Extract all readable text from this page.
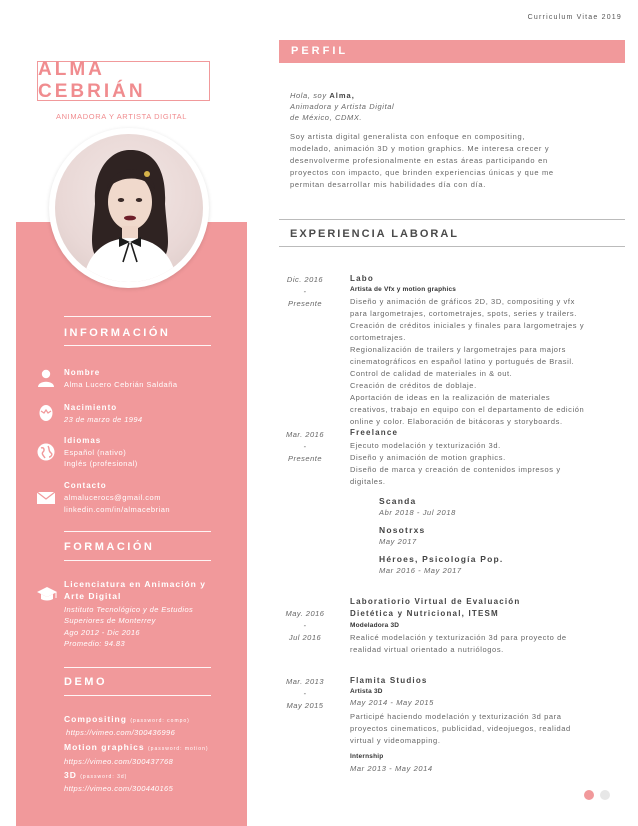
Curriculum Vitae 2019
PERFIL
ALMA CEBRIÁN
ANIMADORA Y ARTISTA DIGITAL
INFORMACIÓN
Nombre
Alma Lucero Cebrián Saldaña
Nacimiento
23 de marzo de 1994
Idiomas
Español (nativo)
Inglés (profesional)
Contacto
almalucerocs@gmail.com
linkedin.com/in/almacebrian
FORMACIÓN
Licenciatura en Animación y
Arte Digital
Instituto Tecnológico y de Estudios
Superiores de Monterrey
Ago 2012 - Dic 2016
Promedio: 94.83
DEMO
Compositing (password: compo)
https://vimeo.com/300436996
Motion graphics (password: motion)
https://vimeo.com/300437768
3D (password: 3d)
https://vimeo.com/300440165
Hola, soy Alma,
Animadora y Artista Digital
de México, CDMX.
Soy artista digital generalista con enfoque en compositing,
modelado, animación 3D y motion graphics. Me interesa crecer y
desenvolverme profesionalmente en estas áreas participando en
proyectos con impacto, que brinden experiencias únicas y que me
permitan desarrollar mis habilidades día con día.
EXPERIENCIA LABORAL
Dic. 2016
-
Presente
Labo
Artista de Vfx y motion graphics
Diseño y animación de gráficos 2D, 3D, compositing y vfx
para largometrajes, cortometrajes, spots, series y trailers.
Creación de créditos iniciales y finales para largometrajes y
cortometrajes.
Regionalización de trailers y largometrajes para majors
cinematográficos en español latino y portugués de Brasil.
Control de calidad de materiales in & out.
Creación de créditos de doblaje.
Aportación de ideas en la realización de materiales
creativos, trabajo en equipo con el departamento de edición
online y color. Elaboración de bitácoras y storyboards.
Mar. 2016
-
Presente
Freelance
Ejecuto modelación y texturización 3d.
Diseño y animación de motion graphics.
Diseño de marca y creación de contenidos impresos y
digitales.
Scanda
Abr 2018 - Jul 2018
Nosotrxs
May 2017
Héroes, Psicología Pop.
Mar 2016 - May 2017
May. 2016
-
Jul 2016
Laboratiorio Virtual de Evaluación
Dietética y Nutricional, ITESM
Modeladora 3D
Realicé modelación y texturización 3d para proyecto de
realidad virtual orientado a nutriólogos.
Mar. 2013
-
May 2015
Flamita Studios
Artista 3D
May 2014 - May 2015
Participé haciendo modelación y texturización 3d para
proyectos cinematicos, publicidad, videojuegos, realidad
virtual y videomapping.
Internship
Mar 2013 - May 2014
